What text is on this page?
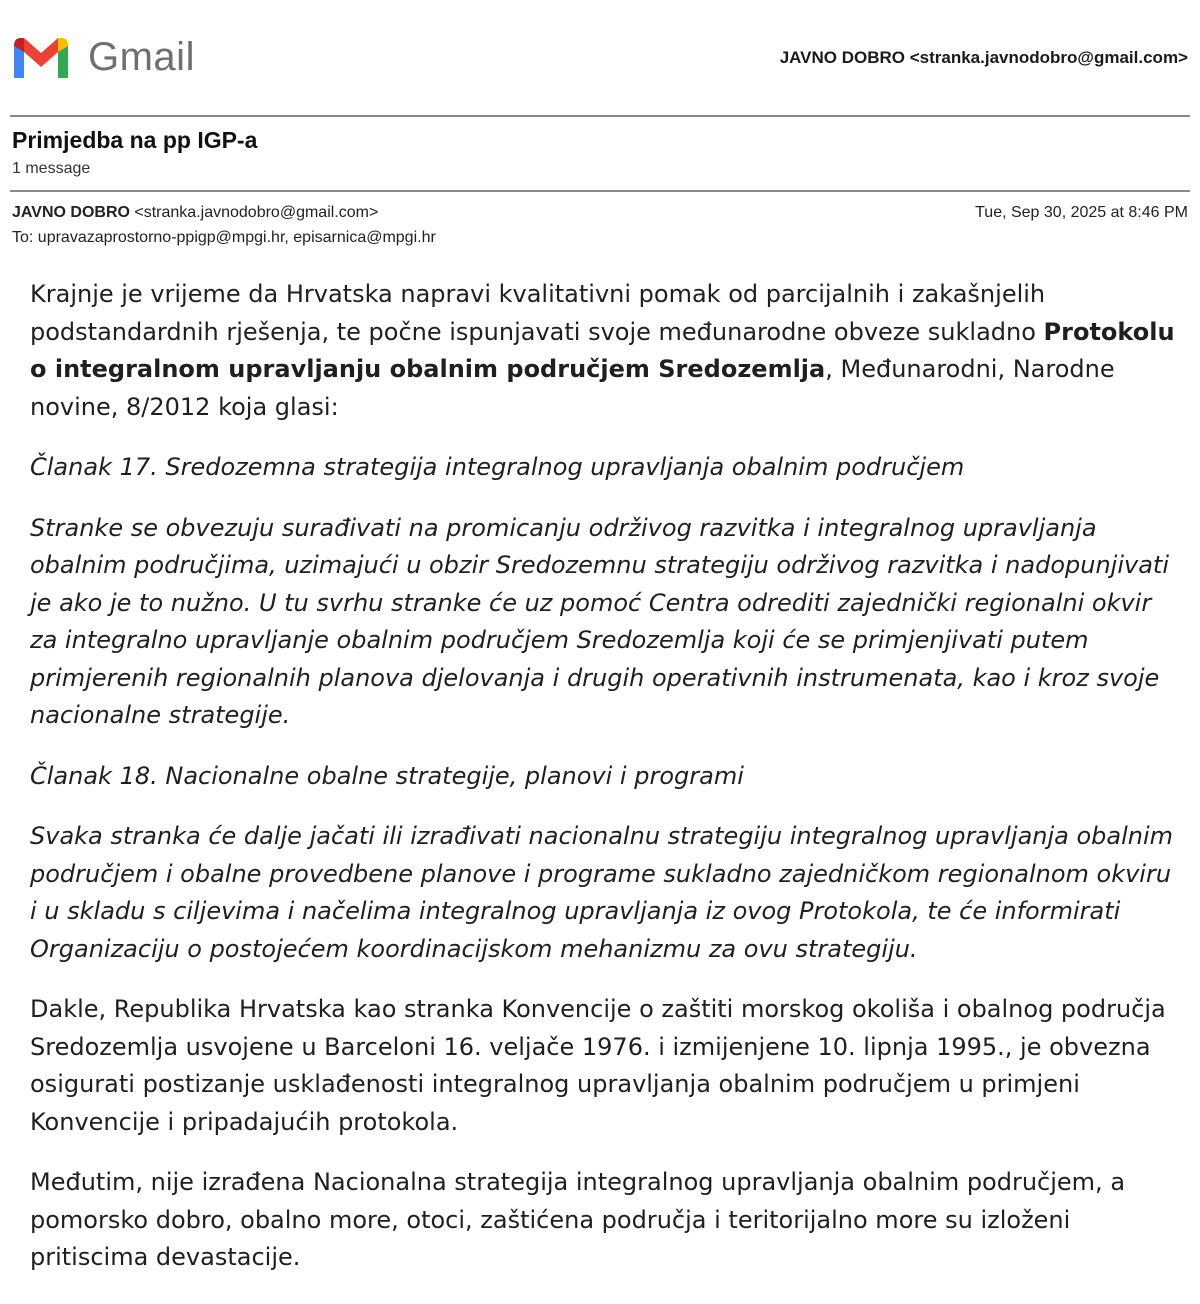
Gmail	JAVNO DOBRO <stranka.javnodobro@gmail.com>
Primjedba na pp IGP-a
1 message
JAVNO DOBRO <stranka.javnodobro@gmail.com>	Tue, Sep 30, 2025 at 8:46 PM
To: upravazaprostorno-ppigp@mpgi.hr, episarnica@mpgi.hr

Krajnje je vrijeme da Hrvatska napravi kvalitativni pomak od parcijalnih i zakašnjelih podstandardnih rješenja, te počne ispunjavati svoje međunarodne obveze sukladno Protokolu o integralnom upravljanju obalnim područjem Sredozemlja, Međunarodni, Narodne novine, 8/2012 koja glasi:

Članak 17. Sredozemna strategija integralnog upravljanja obalnim područjem

Stranke se obvezuju surađivati na promicanju održivog razvitka i integralnog upravljanja obalnim područjima, uzimajući u obzir Sredozemnu strategiju održivog razvitka i nadopunjivati je ako je to nužno. U tu svrhu stranke će uz pomoć Centra odrediti zajednički regionalni okvir za integralno upravljanje obalnim područjem Sredozemlja koji će se primjenjivati putem primjerenih regionalnih planova djelovanja i drugih operativnih instrumenata, kao i kroz svoje nacionalne strategije.

Članak 18. Nacionalne obalne strategije, planovi i programi

Svaka stranka će dalje jačati ili izrađivati nacionalnu strategiju integralnog upravljanja obalnim područjem i obalne provedbene planove i programe sukladno zajedničkom regionalnom okviru i u skladu s ciljevima i načelima integralnog upravljanja iz ovog Protokola, te će informirati Organizaciju o postojećem koordinacijskom mehanizmu za ovu strategiju.

Dakle, Republika Hrvatska kao stranka Konvencije o zaštiti morskog okoliša i obalnog područja Sredozemlja usvojene u Barceloni 16. veljače 1976. i izmijenjene 10. lipnja 1995., je obvezna osigurati postizanje usklađenosti integralnog upravljanja obalnim područjem u primjeni Konvencije i pripadajućih protokola.

Međutim, nije izrađena Nacionalna strategija integralnog upravljanja obalnim područjem, a pomorsko dobro, obalno more, otoci, zaštićena područja i teritorijalno more su izloženi pritiscima devastacije.
